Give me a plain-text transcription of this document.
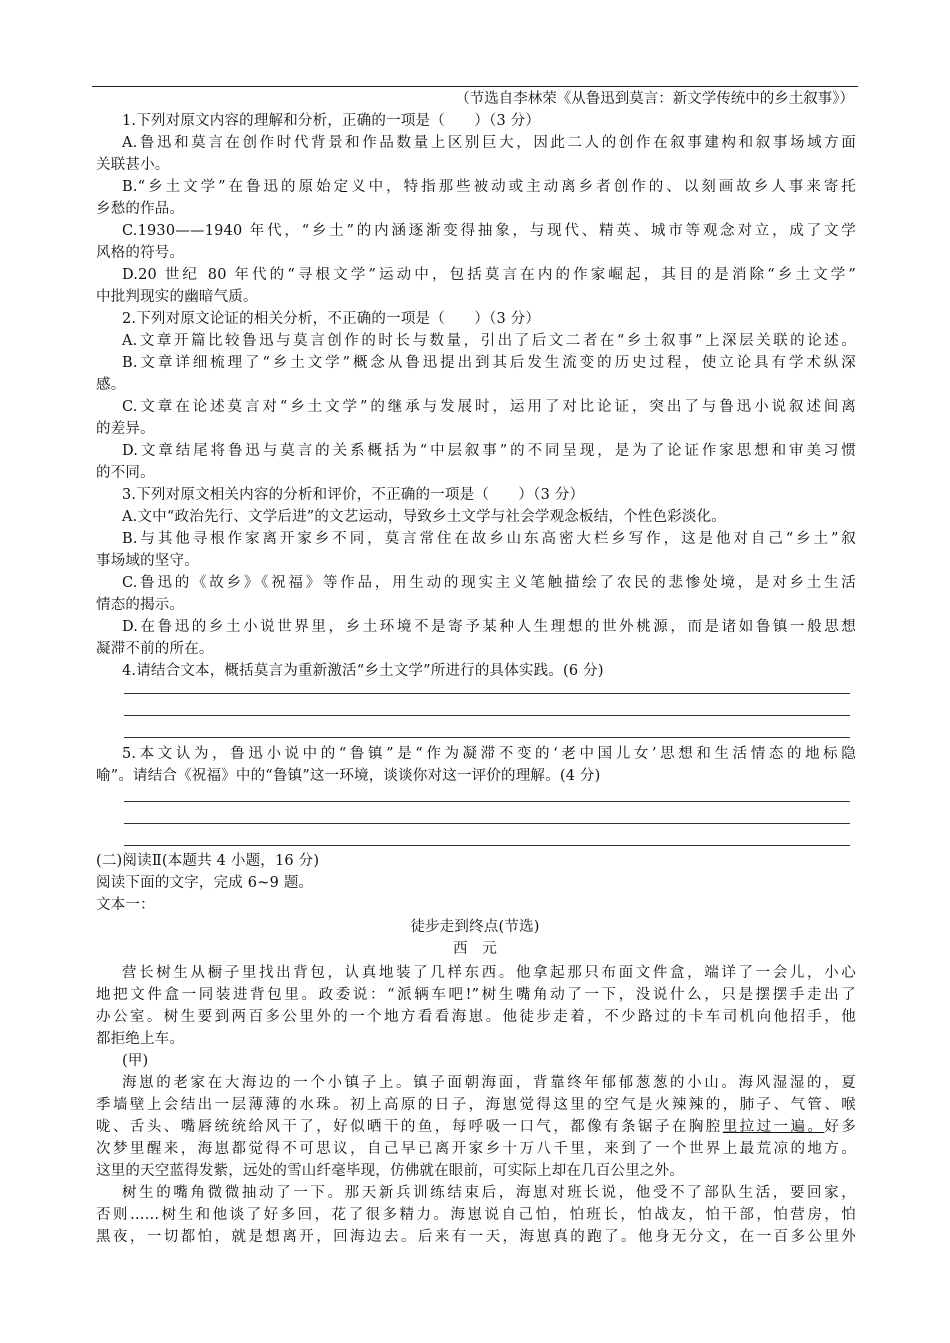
（节选自李林荣《从鲁迅到莫言：新文学传统中的乡土叙事》）
1.下列对原文内容的理解和分析，正确的一项是（　　）（3 分）
A.鲁迅和莫言在创作时代背景和作品数量上区别巨大，因此二人的创作在叙事建构和叙事场域方面
关联甚小。
B.“乡土文学”在鲁迅的原始定义中，特指那些被动或主动离乡者创作的、以刻画故乡人事来寄托
乡愁的作品。
C.1930——1940 年代，“乡土”的内涵逐渐变得抽象，与现代、精英、城市等观念对立，成了文学
风格的符号。
D.20 世纪 80 年代的“寻根文学”运动中，包括莫言在内的作家崛起，其目的是消除“乡土文学”
中批判现实的幽暗气质。
2.下列对原文论证的相关分析，不正确的一项是（　　）（3 分）
A.文章开篇比较鲁迅与莫言创作的时长与数量，引出了后文二者在“乡土叙事”上深层关联的论述。
B.文章详细梳理了“乡土文学”概念从鲁迅提出到其后发生流变的历史过程，使立论具有学术纵深
感。
C.文章在论述莫言对“乡土文学”的继承与发展时，运用了对比论证，突出了与鲁迅小说叙述间离
的差异。
D.文章结尾将鲁迅与莫言的关系概括为“中层叙事”的不同呈现，是为了论证作家思想和审美习惯
的不同。
3.下列对原文相关内容的分析和评价，不正确的一项是（　　）（3 分）
A.文中“政治先行、文学后进”的文艺运动，导致乡土文学与社会学观念板结，个性色彩淡化。
B.与其他寻根作家离开家乡不同，莫言常住在故乡山东高密大栏乡写作，这是他对自己“乡土”叙
事场域的坚守。
C.鲁迅的《故乡》《祝福》等作品，用生动的现实主义笔触描绘了农民的悲惨处境，是对乡土生活
情态的揭示。
D.在鲁迅的乡土小说世界里，乡土环境不是寄予某种人生理想的世外桃源，而是诸如鲁镇一般思想
凝滞不前的所在。
4.请结合文本，概括莫言为重新激活“乡土文学”所进行的具体实践。(6 分)
5.本文认为，鲁迅小说中的“鲁镇”是“作为凝滞不变的‘老中国儿女’思想和生活情态的地标隐
喻”。请结合《祝福》中的“鲁镇”这一环境，谈谈你对这一评价的理解。(4 分)
(二)阅读Ⅱ(本题共 4 小题，16 分)
阅读下面的文字，完成 6~9 题。
文本一：
徒步走到终点(节选)
西　元
营长树生从橱子里找出背包，认真地装了几样东西。他拿起那只布面文件盒，端详了一会儿，小心
地把文件盒一同装进背包里。政委说：“派辆车吧!”树生嘴角动了一下，没说什么，只是摆摆手走出了
办公室。树生要到两百多公里外的一个地方看看海崽。他徒步走着，不少路过的卡车司机向他招手，他
都拒绝上车。
(甲)
海崽的老家在大海边的一个小镇子上。镇子面朝海面，背靠终年郁郁葱葱的小山。海风湿湿的，夏
季墙壁上会结出一层薄薄的水珠。初上高原的日子，海崽觉得这里的空气是火辣辣的，肺子、气管、喉
咙、舌头、嘴唇统统给风干了，好似晒干的鱼，每呼吸一口气，都像有条锯子在胸腔里拉过一遍。好多
次梦里醒来，海崽都觉得不可思议，自己早已离开家乡十万八千里，来到了一个世界上最荒凉的地方。
这里的天空蓝得发紫，远处的雪山纤毫毕现，仿佛就在眼前，可实际上却在几百公里之外。
树生的嘴角微微抽动了一下。那天新兵训练结束后，海崽对班长说，他受不了部队生活，要回家，
否则……树生和他谈了好多回，花了很多精力。海崽说自己怕，怕班长，怕战友，怕干部，怕营房，怕
黑夜，一切都怕，就是想离开，回海边去。后来有一天，海崽真的跑了。他身无分文，在一百多公里外
